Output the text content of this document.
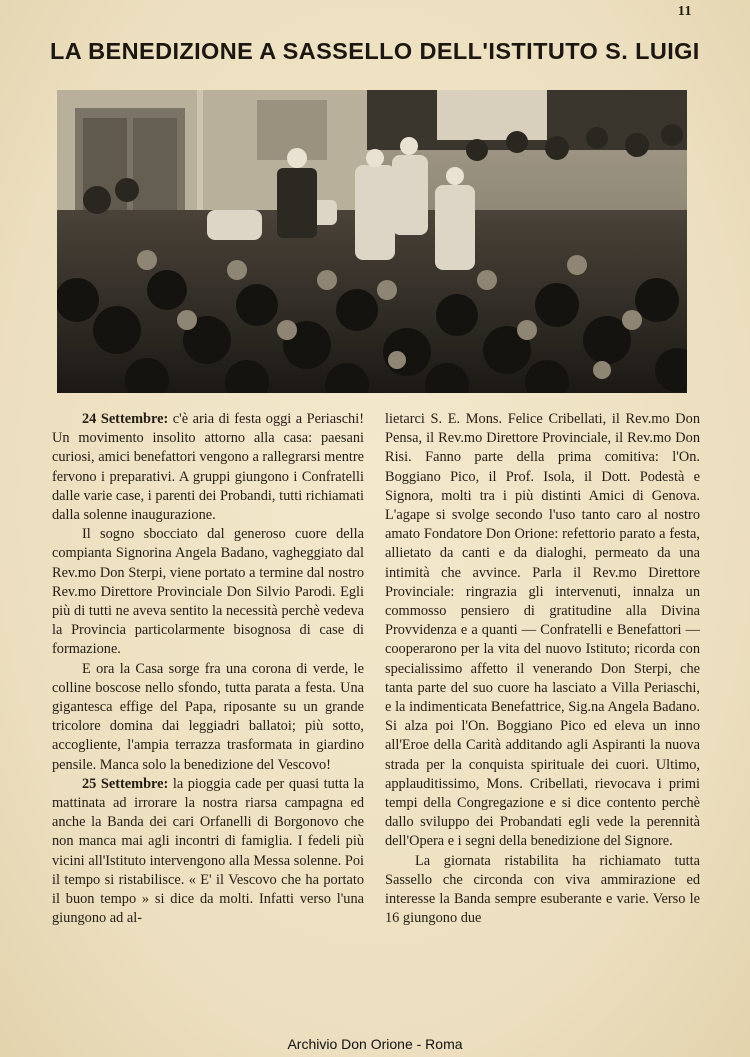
11
LA BENEDIZIONE A SASSELLO DELL'ISTITUTO S. LUIGI

24 Settembre: c'è aria di festa oggi a Periaschi! Un movimento insolito attorno alla casa: paesani curiosi, amici benefattori vengono a rallegrarsi mentre fervono i preparativi. A gruppi giungono i Confratelli dalle varie case, i parenti dei Probandi, tutti richiamati dalla solenne inaugurazione.

Il sogno sbocciato dal generoso cuore della compianta Signorina Angela Badano, vagheggiato dal Rev.mo Don Sterpi, viene portato a termine dal nostro Rev.mo Direttore Provinciale Don Silvio Parodi. Egli più di tutti ne aveva sentito la necessità perchè vedeva la Provincia particolarmente bisognosa di case di formazione.

E ora la Casa sorge fra una corona di verde, le colline boscose nello sfondo, tutta parata a festa. Una gigantesca effige del Papa, riposante su un grande tricolore domina dai leggiadri ballatoi; più sotto, accogliente, l'ampia terrazza trasformata in giardino pensile. Manca solo la benedizione del Vescovo!

25 Settembre: la pioggia cade per quasi tutta la mattinata ad irrorare la nostra riarsa campagna ed anche la Banda dei cari Orfanelli di Borgonovo che non manca mai agli incontri di famiglia. I fedeli più vicini all'Istituto intervengono alla Messa solenne. Poi il tempo si ristabilisce. « E' il Vescovo che ha portato il buon tempo » si dice da molti. Infatti verso l'una giungono ad al-

lietarci S. E. Mons. Felice Cribellati, il Rev.mo Don Pensa, il Rev.mo Direttore Provinciale, il Rev.mo Don Risi. Fanno parte della prima comitiva: l'On. Boggiano Pico, il Prof. Isola, il Dott. Podestà e Signora, molti tra i più distinti Amici di Genova. L'agape si svolge secondo l'uso tanto caro al nostro amato Fondatore Don Orione: refettorio parato a festa, allietato da canti e da dialoghi, permeato da una intimità che avvince. Parla il Rev.mo Direttore Provinciale: ringrazia gli intervenuti, innalza un commosso pensiero di gratitudine alla Divina Provvidenza e a quanti — Confratelli e Benefattori — cooperarono per la vita del nuovo Istituto; ricorda con specialissimo affetto il venerando Don Sterpi, che tanta parte del suo cuore ha lasciato a Villa Periaschi, e la indimenticata Benefattrice, Sig.na Angela Badano. Si alza poi l'On. Boggiano Pico ed eleva un inno all'Eroe della Carità additando agli Aspiranti la nuova strada per la conquista spirituale dei cuori. Ultimo, applauditissimo, Mons. Cribellati, rievocava i primi tempi della Congregazione e si dice contento perchè dallo sviluppo dei Probandati egli vede la perennità dell'Opera e i segni della benedizione del Signore.

La giornata ristabilita ha richiamato tutta Sassello che circonda con viva ammirazione ed interesse la Banda sempre esuberante e varie. Verso le 16 giungono due

Archivio Don Orione - Roma
